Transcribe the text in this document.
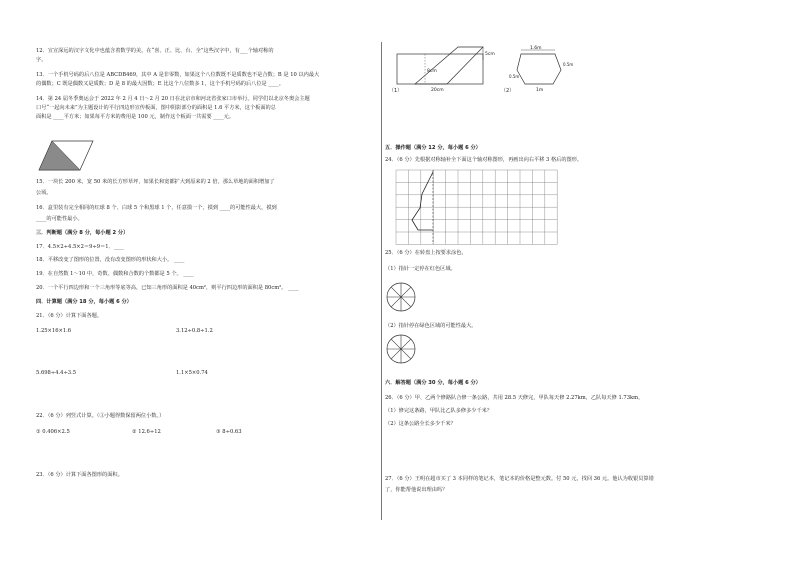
12．宣宣深远的汉字文化中也蕴含着数学的美。在“喜、正、比、台、全”这些汉字中，有___个轴对称的
字。
13．一个手机号码的后八位是 ABCDB469，其中 A 是非零数，如果这个八位数既不是质数也不是合数；B 是 10 以内最大
的偶数；C 既是偶数又是质数；D 是 8 的最大因数；E 比这个八位数多 1，这个手机号码的后八位是 ____。
14．第 24 届冬季奥运会于 2022 年 2 月 4 日～2 月 20 日在北京市和河北省张家口市举行。同学们以北京冬奥会主题
口号“一起向未来”为主题设计的平行四边形宣传板面，图中阴影部分的面积是 1.6 平方米，这个板面的总
面积是 ____平方米；如果每平方米的费用是 100 元，制作这个板面一共需要 ____元。
15．一块长 200 米，宽 50 米的长方形草坪，如果长和宽都扩大到原来的 2 倍，那么草地的面积增加了
公顷。
16．盒里装有完全相同的红球 8 个、白球 5 个和黑球 1 个，任意摸一个，摸到 ____的可能性最大，摸到
____的可能性最小。
三．判断题（满分 8 分，每小题 2 分）
17．4.5×2÷4.5×2＝9÷9＝1．____
18．平移改变了图形的位置，没有改变图形的形状和大小。 ____
19．在自然数 1～10 中，奇数、偶数和合数的个数都是 5 个。 ____
20．一个平行四边形和一个三角形等底等高，已知三角形的面积是 40cm²，则平行四边形的面积是 80cm²。 ____
四．计算题（满分 18 分，每小题 6 分）
21．（6 分）计算下面各题。
1.25×16×1.6	3.12÷0.8÷1.2
5.698÷4.4÷3.5	1.1×5×0.74
22．（6 分）列竖式计算。（③小题得数保留两位小数。）
① 0.406×2.5	② 12.6÷12	③ 8÷0.63
23．（6 分）计算下面各图形的面积。
5cm
8cm
20cm
（1）
1.6m
0.5m
0.5m
1m
（2）
五．操作题（满分 12 分，每小题 6 分）
24．（6 分）先根据对称轴补全下面这个轴对称图形，再画出向右平移 3 格后的图形。
25．（6 分）在转盘上按要求涂色。
（1）指针一定停在红色区域。
（2）指针停在绿色区域的可能性最大。
六．解答题（满分 30 分，每小题 6 分）
26．（6 分）甲、乙两个修路队合修一条公路，共用 28.5 天修完，甲队每天修 2.27km，乙队每天修 1.73km，
（1）修完这条路，甲队比乙队多修多少千米？
（2）这条公路全长多少千米？
27．（6 分）王明在超市买了 3 本同样的笔记本，笔记本的价格是整元数。付 50 元，找回 36 元。他认为收银员算错
了，你能帮他说出理由吗？
